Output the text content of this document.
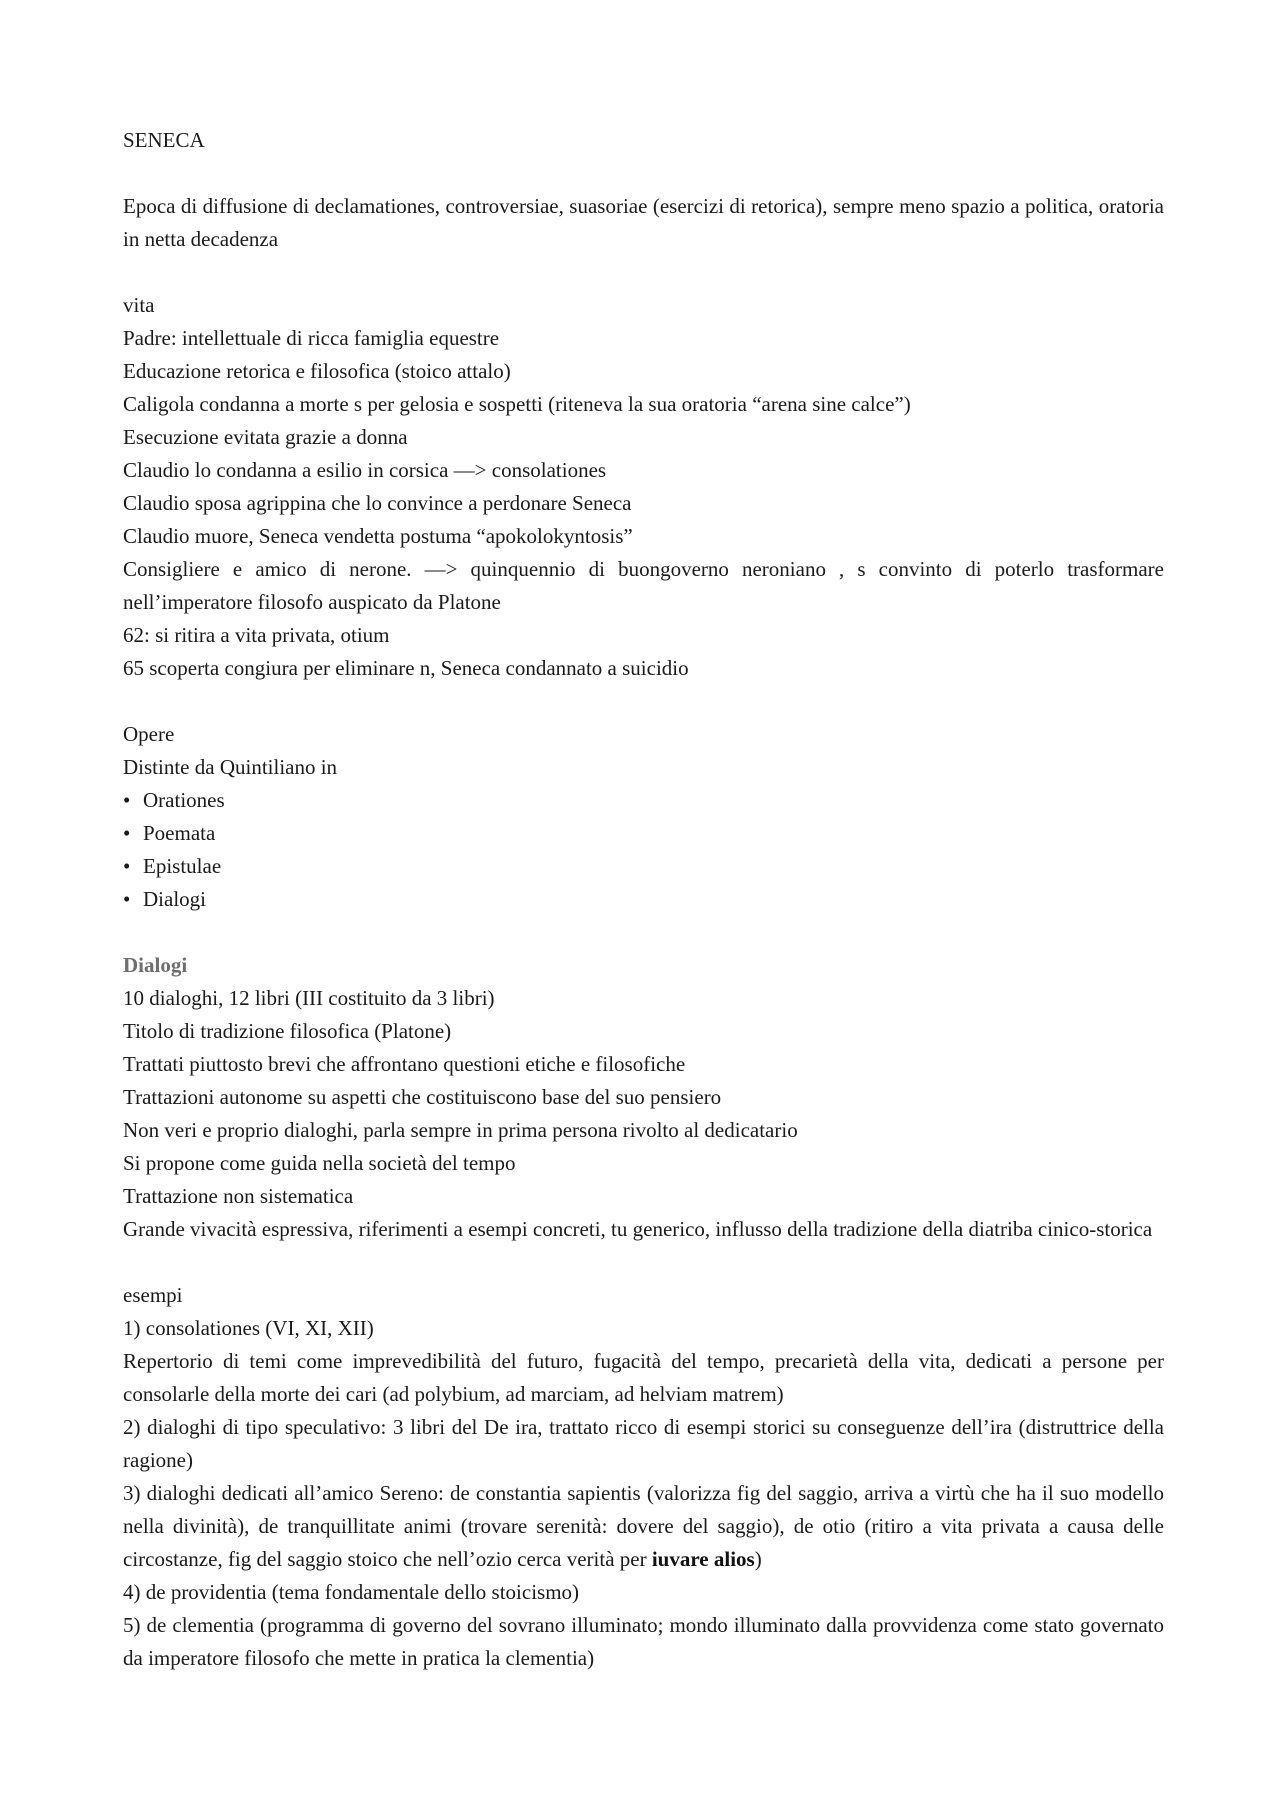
SENECA
Epoca di diffusione di declamationes, controversiae, suasoriae (esercizi di retorica), sempre meno spazio a politica, oratoria in netta decadenza
vita
Padre: intellettuale di ricca famiglia equestre
Educazione retorica e filosofica (stoico attalo)
Caligola condanna a morte s per gelosia e sospetti (riteneva la sua oratoria “arena sine calce”)
Esecuzione evitata grazie a donna
Claudio lo condanna a esilio in corsica —> consolationes
Claudio sposa agrippina che lo convince a perdonare Seneca
Claudio muore, Seneca vendetta postuma “apokolokyntosis”
Consigliere e amico di nerone. —> quinquennio di buongoverno neroniano , s convinto di poterlo trasformare nell’imperatore filosofo auspicato da Platone
62: si ritira a vita privata, otium
65 scoperta congiura per eliminare n, Seneca condannato a suicidio
Opere
Distinte da Quintiliano in
• Orationes
• Poemata
• Epistulae
• Dialogi
Dialogi
10 dialoghi, 12 libri (III costituito da 3 libri)
Titolo di tradizione filosofica (Platone)
Trattati piuttosto brevi che affrontano questioni etiche e filosofiche
Trattazioni autonome su aspetti che costituiscono base del suo pensiero
Non veri e proprio dialoghi, parla sempre in prima persona rivolto al dedicatario
Si propone come guida nella società del tempo
Trattazione non sistematica
Grande vivacità espressiva, riferimenti a esempi concreti, tu generico, influsso della tradizione della diatriba cinico-storica
esempi
1) consolationes (VI, XI, XII)
Repertorio di temi come imprevedibilità del futuro, fugacità del tempo, precarietà della vita, dedicati a persone per consolarle della morte dei cari (ad polybium, ad marciam, ad helviam matrem)
2) dialoghi di tipo speculativo: 3 libri del De ira, trattato ricco di esempi storici su conseguenze dell’ira (distruttrice della ragione)
3) dialoghi dedicati all’amico Sereno: de constantia sapientis (valorizza fig del saggio, arriva a virtù che ha il suo modello nella divinità), de tranquillitate animi (trovare serenità: dovere del saggio), de otio (ritiro a vita privata a causa delle circostanze, fig del saggio stoico che nell’ozio cerca verità per iuvare alios)
4) de providentia (tema fondamentale dello stoicismo)
5) de clementia (programma di governo del sovrano illuminato; mondo illuminato dalla provvidenza come stato governato da imperatore filosofo che mette in pratica la clementia)
